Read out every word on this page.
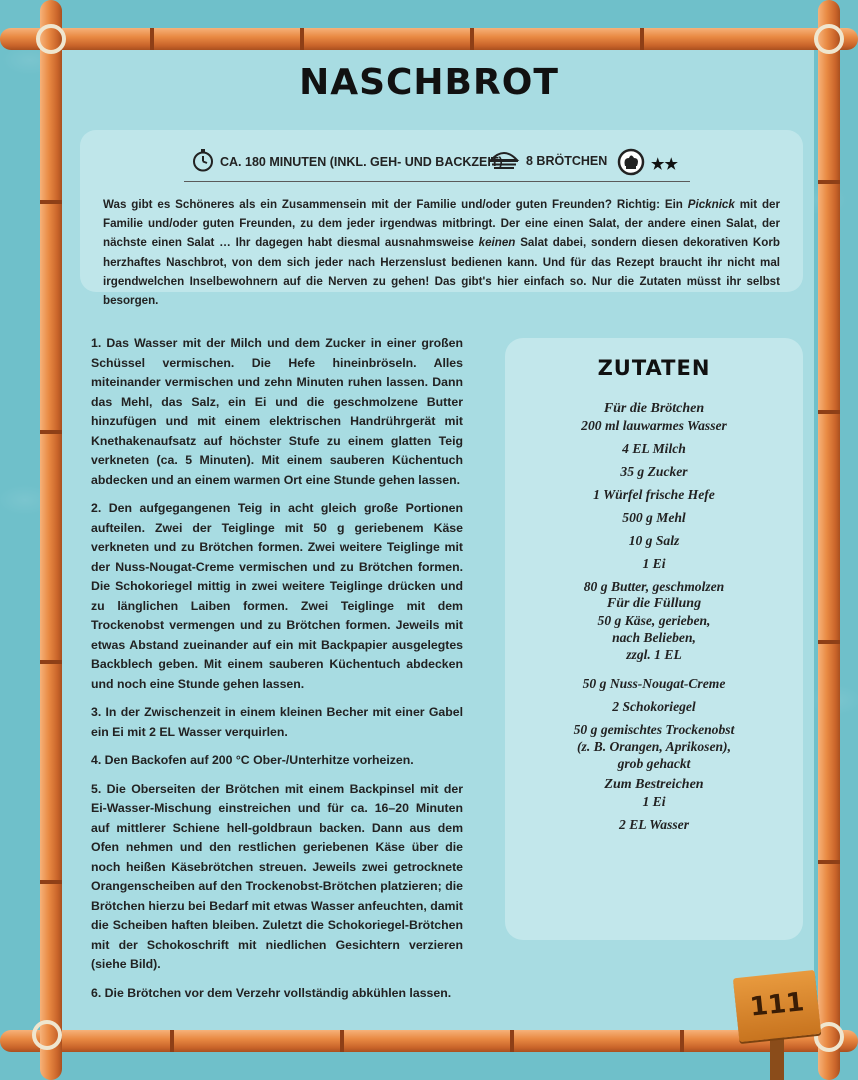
NASCHBROT
CA. 180 MINUTEN (INKL. GEH- UND BACKZEIT) 8 BRÖTCHEN	★★
Was gibt es Schöneres als ein Zusammensein mit der Familie und/oder guten Freunden? Richtig: Ein Picknick mit der Familie und/oder guten Freunden, zu dem jeder irgendwas mitbringt. Der eine einen Salat, der andere einen Salat, der nächste einen Salat … Ihr dagegen habt diesmal ausnahmsweise keinen Salat dabei, sondern diesen dekorativen Korb herzhaftes Naschbrot, von dem sich jeder nach Herzenslust bedienen kann. Und für das Rezept braucht ihr nicht mal irgendwelchen Inselbewohnern auf die Nerven zu gehen! Das gibt's hier einfach so. Nur die Zutaten müsst ihr selbst besorgen.

1. Das Wasser mit der Milch und dem Zucker in einer großen Schüssel vermischen. Die Hefe hineinbröseln. Alles miteinander vermischen und zehn Minuten ruhen lassen. Dann das Mehl, das Salz, ein Ei und die geschmolzene Butter hinzufügen und mit einem elektrischen Handrührgerät mit Knethakenaufsatz auf höchster Stufe zu einem glatten Teig verkneten (ca. 5 Minuten). Mit einem sauberen Küchentuch abdecken und an einem warmen Ort eine Stunde gehen lassen.

2. Den aufgegangenen Teig in acht gleich große Portionen aufteilen. Zwei der Teiglinge mit 50 g geriebenem Käse verkneten und zu Brötchen formen. Zwei weitere Teiglinge mit der Nuss-Nougat-Creme vermischen und zu Brötchen formen. Die Schokoriegel mittig in zwei weitere Teiglinge drücken und zu länglichen Laiben formen. Zwei Teiglinge mit dem Trockenobst vermengen und zu Brötchen formen. Jeweils mit etwas Abstand zueinander auf ein mit Backpapier ausgelegtes Backblech geben. Mit einem sauberen Küchentuch abdecken und noch eine Stunde gehen lassen.

3. In der Zwischenzeit in einem kleinen Becher mit einer Gabel ein Ei mit 2 EL Wasser verquirlen.

4. Den Backofen auf 200 °C Ober-/Unterhitze vorheizen.

5. Die Oberseiten der Brötchen mit einem Backpinsel mit der Ei-Wasser-Mischung einstreichen und für ca. 16–20 Minuten auf mittlerer Schiene hell-goldbraun backen. Dann aus dem Ofen nehmen und den restlichen geriebenen Käse über die noch heißen Käsebrötchen streuen. Jeweils zwei getrocknete Orangenscheiben auf den Trockenobst-Brötchen platzieren; die Brötchen hierzu bei Bedarf mit etwas Wasser anfeuchten, damit die Scheiben haften bleiben. Zuletzt die Schokoriegel-Brötchen mit der Schokoschrift mit niedlichen Gesichtern verzieren (siehe Bild).

6. Die Brötchen vor dem Verzehr vollständig abkühlen lassen.

ZUTATEN
Für die Brötchen
200 ml lauwarmes Wasser
4 EL Milch
35 g Zucker
1 Würfel frische Hefe
500 g Mehl
10 g Salz
1 Ei
80 g Butter, geschmolzen
Für die Füllung
50 g Käse, gerieben,
nach Belieben,
zzgl. 1 EL
50 g Nuss-Nougat-Creme
2 Schokoriegel
50 g gemischtes Trockenobst
(z. B. Orangen, Aprikosen),
grob gehackt
Zum Bestreichen
1 Ei
2 EL Wasser
111
